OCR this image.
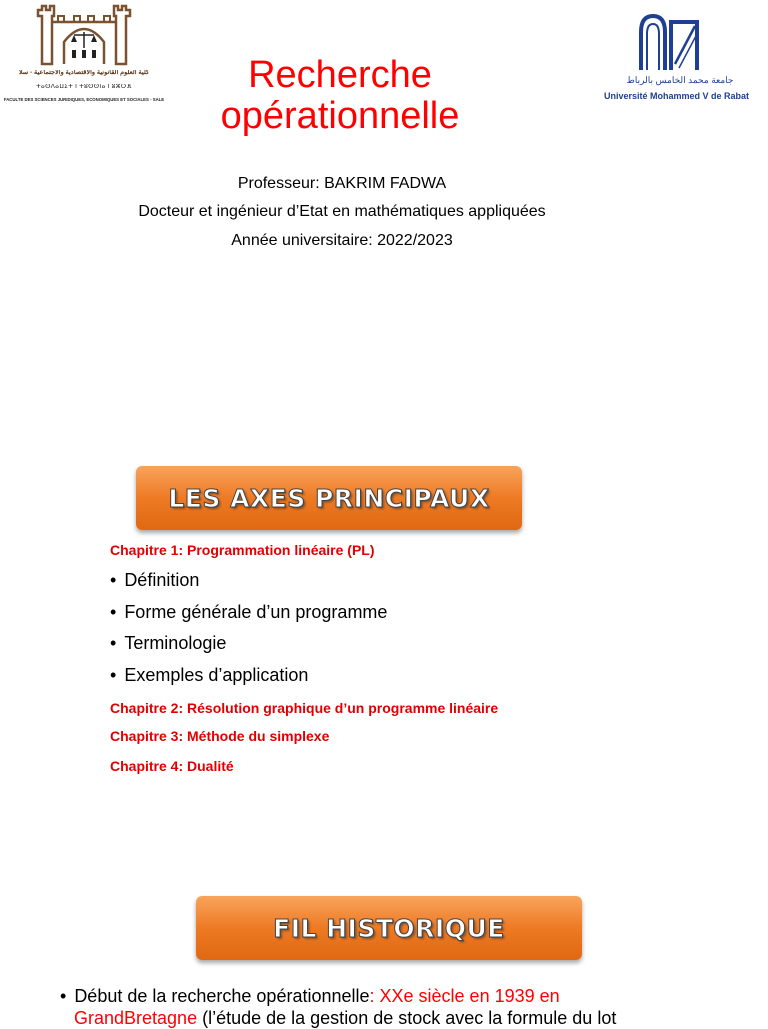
كلية العلوم القانونية والاقتصادية والاجتماعية - سلا
ⵜⴰⵙⴷⴰⵡⵉⵜ ⵏ ⵜⵓⵙⵙⵏⴰ ⵏ ⵓⵣⵔⴼ
FACULTÉ DES SCIENCES JURIDIQUES, ÉCONOMIQUES ET SOCIALES - SALÉ
Recherche
opérationnelle
جامعة محمد الخامس بالرباط
Université Mohammed V de Rabat
Professeur: BAKRIM FADWA
Docteur et ingénieur d’Etat en mathématiques appliquées
Année universitaire: 2022/2023
LES AXES PRINCIPAUX
Chapitre 1: Programmation linéaire (PL)
• Définition
• Forme générale d’un programme
• Terminologie
• Exemples d’application
Chapitre 2: Résolution graphique d’un programme linéaire
Chapitre 3: Méthode du simplexe
Chapitre 4: Dualité
FIL HISTORIQUE
• Début de la recherche opérationnelle: XXe siècle en 1939 en
GrandBretagne (l’étude de la gestion de stock avec la formule du lot
